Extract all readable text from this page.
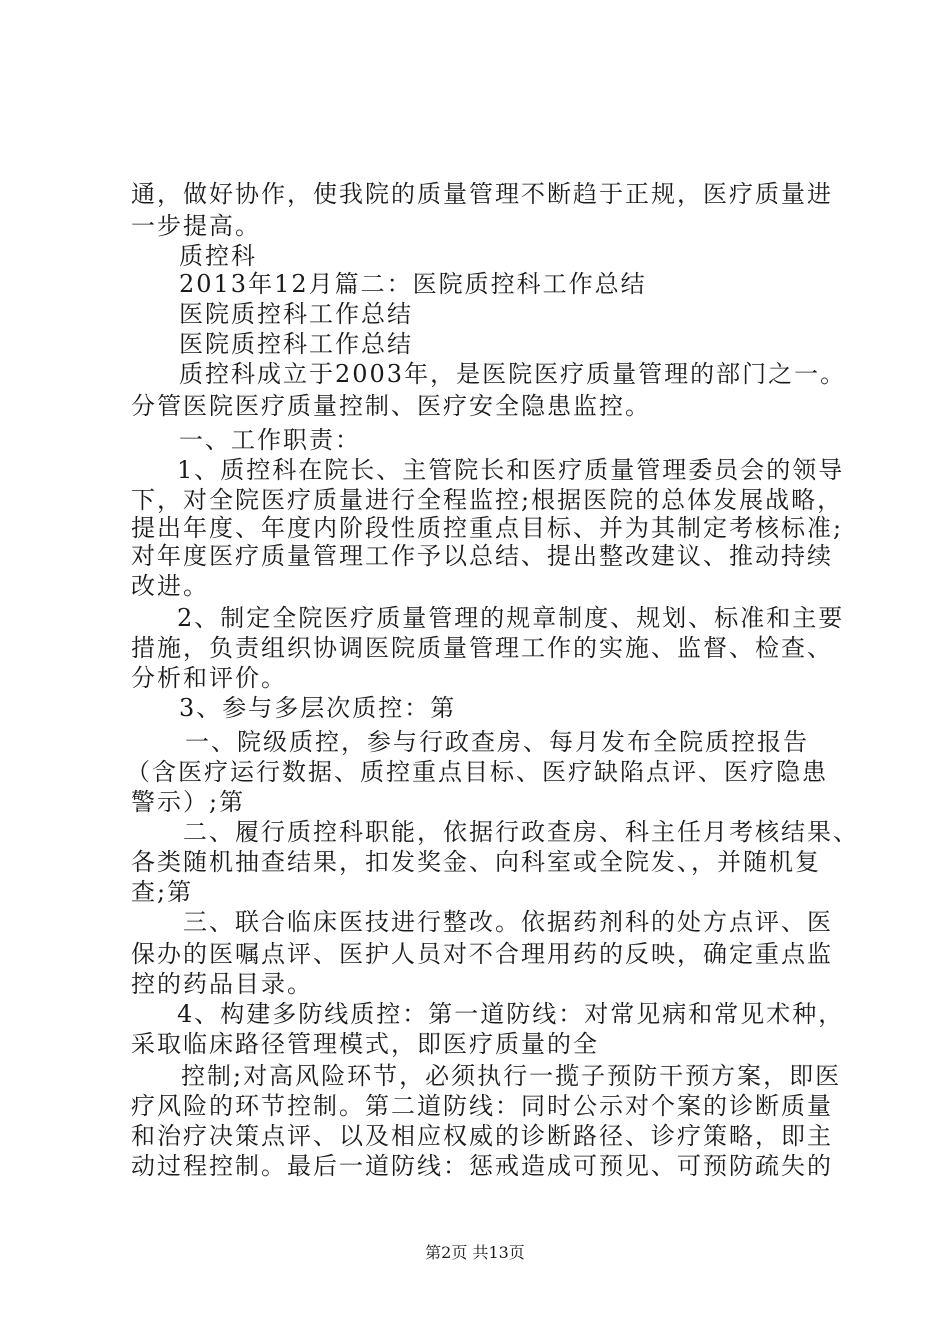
通，做好协作，使我院的质量管理不断趋于正规，医疗质量进
一步提高。
质控科
2013年12月篇二：医院质控科工作总结
医院质控科工作总结
医院质控科工作总结
质控科成立于2003年，是医院医疗质量管理的部门之一。
分管医院医疗质量控制、医疗安全隐患监控。
一、工作职责：
1、质控科在院长、主管院长和医疗质量管理委员会的领导
下，对全院医疗质量进行全程监控;根据医院的总体发展战略，
提出年度、年度内阶段性质控重点目标、并为其制定考核标准;
对年度医疗质量管理工作予以总结、提出整改建议、推动持续
改进。
2、制定全院医疗质量管理的规章制度、规划、标准和主要
措施，负责组织协调医院质量管理工作的实施、监督、检查、
分析和评价。
3、参与多层次质控：第
一、院级质控，参与行政查房、每月发布全院质控报告
（含医疗运行数据、质控重点目标、医疗缺陷点评、医疗隐患
警示）;第
二、履行质控科职能，依据行政查房、科主任月考核结果、
各类随机抽查结果，扣发奖金、向科室或全院发、，并随机复
查;第
三、联合临床医技进行整改。依据药剂科的处方点评、医
保办的医嘱点评、医护人员对不合理用药的反映，确定重点监
控的药品目录。
4、构建多防线质控：第一道防线：对常见病和常见术种，
采取临床路径管理模式，即医疗质量的全
控制;对高风险环节，必须执行一揽子预防干预方案，即医
疗风险的环节控制。第二道防线：同时公示对个案的诊断质量
和治疗决策点评、以及相应权威的诊断路径、诊疗策略，即主
动过程控制。最后一道防线：惩戒造成可预见、可预防疏失的
第2页 共13页
